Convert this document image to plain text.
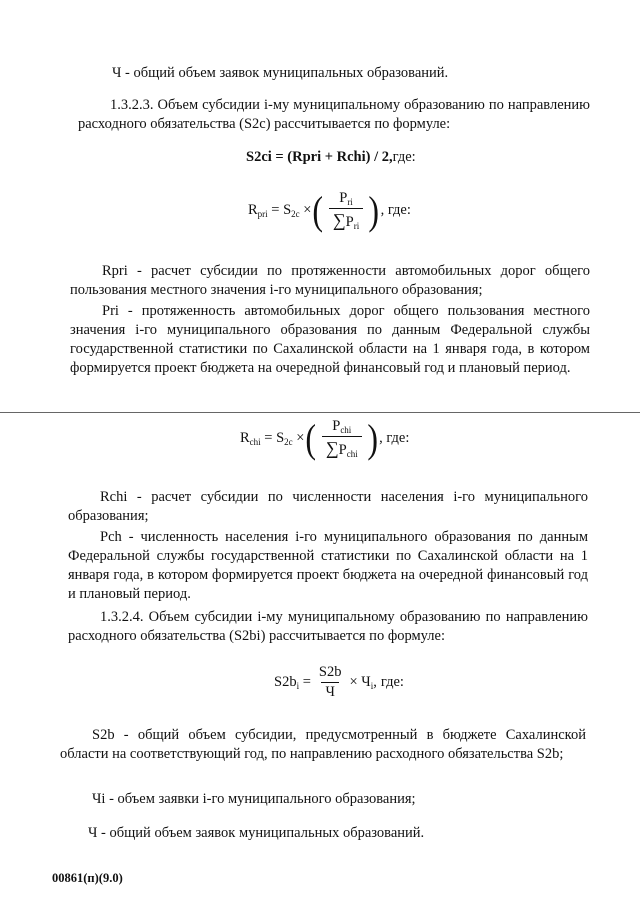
Ч - общий объем заявок муниципальных образований.

1.3.2.3. Объем субсидии i-му муниципальному образованию по направлению расходного обязательства (S2c) рассчитывается по формуле:

S2ci = (Rpri + Rchi) / 2, где:
$R_{pri} = S_{2c}$ × ( $\frac{P_{ri}}{\sum P_{ri}}$ ) , где:

Rpri - расчет субсидии по протяженности автомобильных дорог общего пользования местного значения i-го муниципального образования;

Pri - протяженность автомобильных дорог общего пользования местного значения i-го муниципального образования по данным Федеральной службы государственной статистики по Сахалинской области на 1 января года, в котором формируется проект бюджета на очередной финансовый год и плановый период.

$R_{chi} = S_{2c}$ × ( $\frac{P_{chi}}{\sum P_{chi}}$ ) , где:

Rchi - расчет субсидии по численности населения i-го муниципального образования;

Pch - численность населения i-го муниципального образования по данным Федеральной службы государственной статистики по Сахалинской области на 1 января года, в котором формируется проект бюджета на очередной финансовый год и плановый период.

1.3.2.4. Объем субсидии i-му муниципальному образованию по направлению расходного обязательства (S2bi) рассчитывается по формуле:

$S2b_i = \frac{S2b}{Ч} \times Ч_i$, где:

S2b - общий объем субсидии, предусмотренный в бюджете Сахалинской области на соответствующий год, по направлению расходного обязательства S2b;

Чi - объем заявки i-го муниципального образования;

Ч - общий объем заявок муниципальных образований.

00861(п)(9.0)
